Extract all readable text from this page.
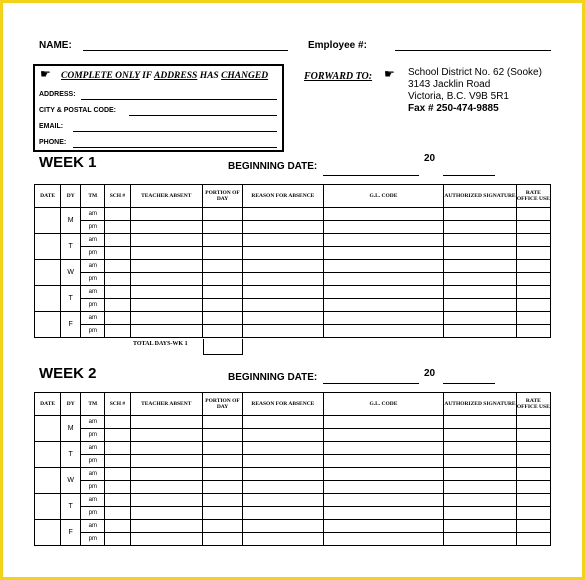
NAME:	Employee #:
☛ COMPLETE ONLY IF ADDRESS HAS CHANGED
ADDRESS:
CITY & POSTAL CODE:
EMAIL:
PHONE:
FORWARD TO: ☛ School District No. 62 (Sooke)
3143 Jacklin Road
Victoria, B.C. V9B 5R1
Fax # 250-474-9885
WEEK 1	BEGINNING DATE:
20
DATE	DY	TM	SCH #	TEACHER ABSENT	PORTION OF DAY	REASON FOR ABSENCE	G.L. CODE	AUTHORIZED SIGNATURE	RATE OFFICE USE
	M	am							
		pm							
	T	am							
		pm							
	W	am							
		pm							
	T	am							
		pm							
	F	am							
		pm							
TOTAL DAYS-WK 1
WEEK 2	BEGINNING DATE:	20
DATE	DY	TM	SCH #	TEACHER ABSENT	PORTION OF DAY	REASON FOR ABSENCE	G.L. CODE	AUTHORIZED SIGNATURE	RATE OFFICE USE
	M	am							
		pm							
	T	am							
		pm							
	W	am							
		pm							
	T	am							
		pm							
	F	am							
		pm							
